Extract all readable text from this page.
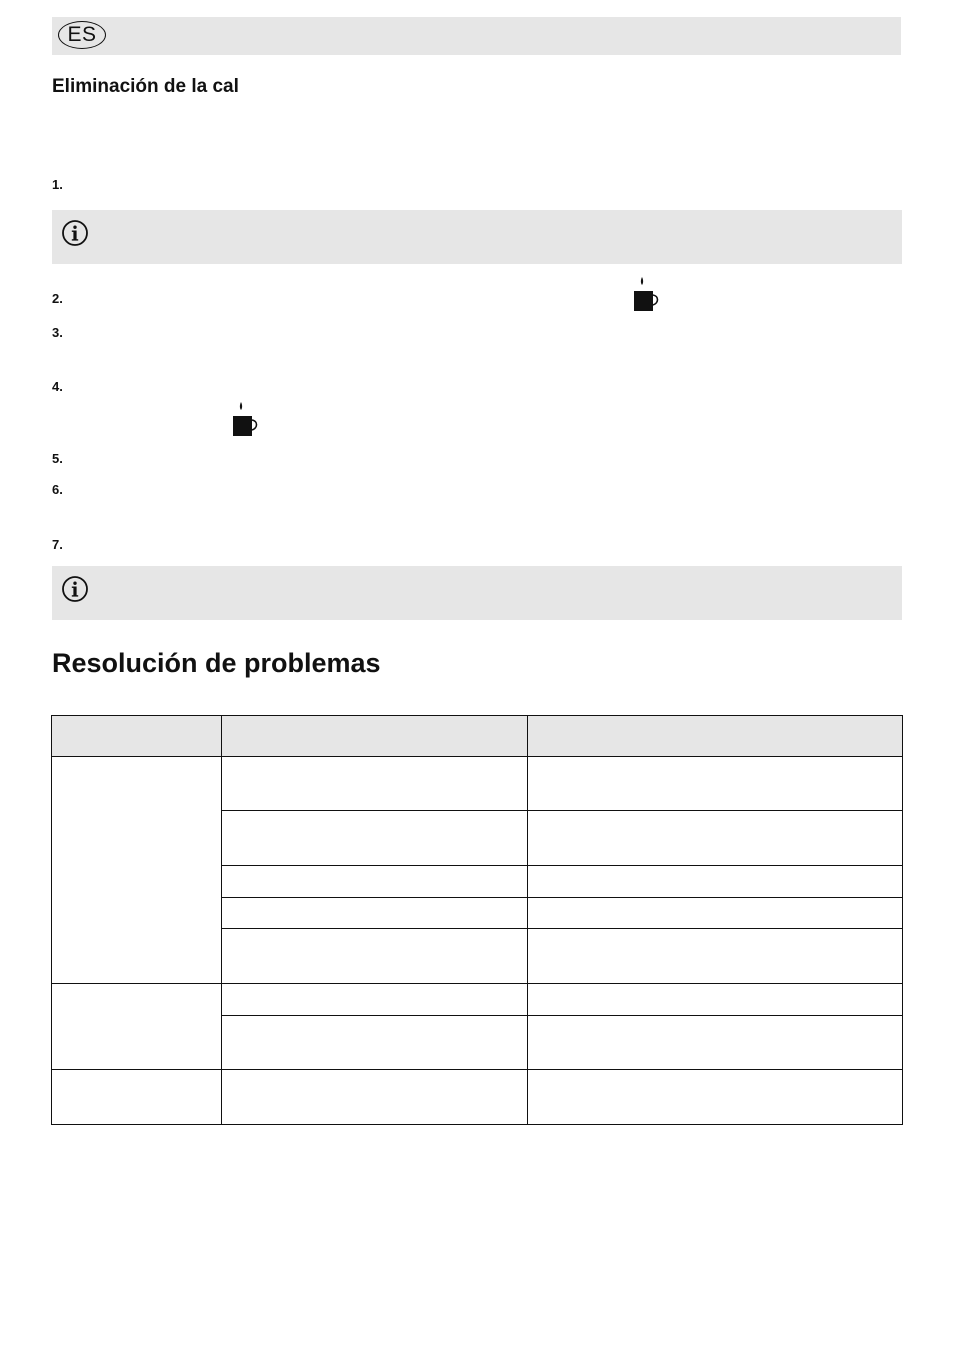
ES
Eliminación de la cal
1.
2.
3.
4.
5.
6.
7.
Resolución de problemas
